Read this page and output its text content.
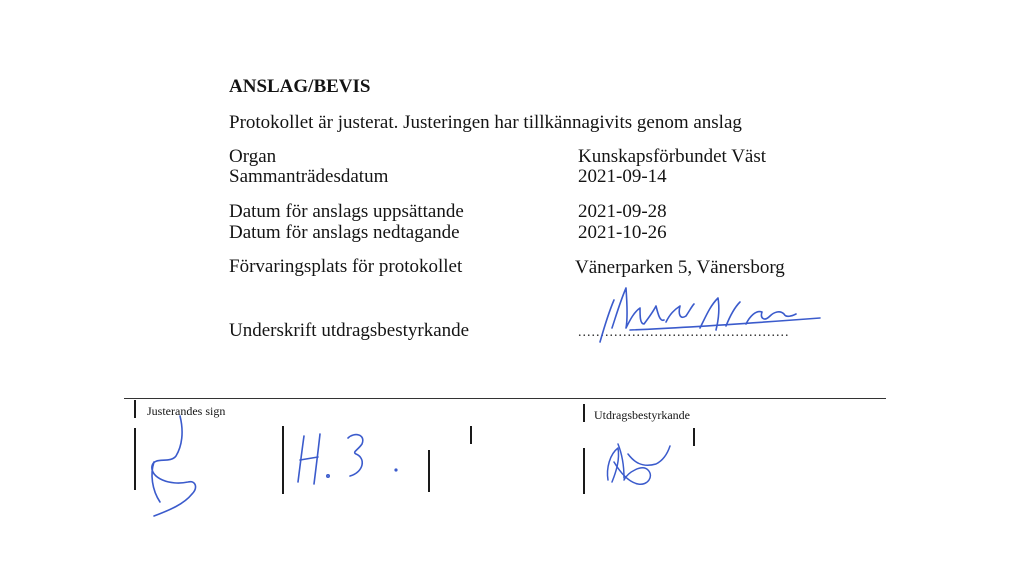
ANSLAG/BEVIS
Protokollet är justerat. Justeringen har tillkännagivits genom anslag
Organ	Kunskapsförbundet Väst
Sammanträdesdatum	2021-09-14
Datum för anslags uppsättande	2021-09-28
Datum för anslags nedtagande	2021-10-26
Förvaringsplats för protokollet	Vänerparken 5, Vänersborg
Underskrift utdragsbestyrkande	...............................................
Justerandes sign	Utdragsbestyrkande
